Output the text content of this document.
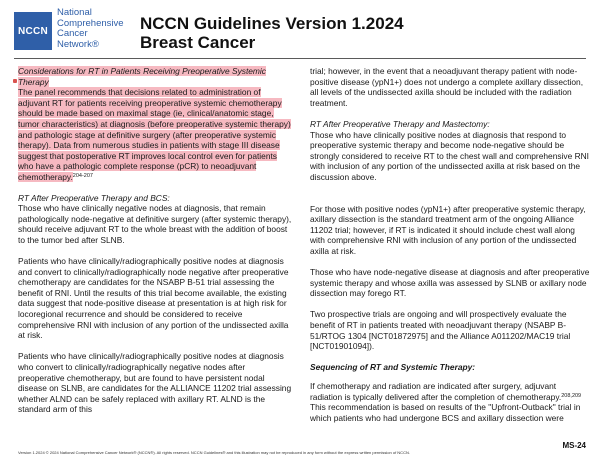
NCCN
National
Comprehensive
Cancer
Network®
NCCN Guidelines Version 1.2024
Breast Cancer

Considerations for RT in Patients Receiving Preoperative Systemic Therapy

The panel recommends that decisions related to administration of adjuvant RT for patients receiving preoperative systemic chemotherapy should be made based on maximal stage (ie, clinical/anatomic stage, tumor characteristics) at diagnosis (before preoperative systemic therapy) and pathologic stage at definitive surgery (after preoperative systemic therapy). Data from numerous studies in patients with stage III disease suggest that postoperative RT improves local control even for patients who have a pathologic complete response (pCR) to neoadjuvant chemotherapy.$^{204-207}$

RT After Preoperative Therapy and BCS:

Those who have clinically negative nodes at diagnosis, that remain pathologically node-negative at definitive surgery (after systemic therapy), should receive adjuvant RT to the whole breast with the addition of boost to the tumor bed after SLNB.

Patients who have clinically/radiographically positive nodes at diagnosis and convert to clinically/radiographically node negative after preoperative chemotherapy are candidates for the NSABP B-51 trial assessing the benefit of RNI. Until the results of this trial become available, the existing data suggest that node-positive disease at presentation is at high risk for locoregional recurrence and should be considered to receive comprehensive RNI with inclusion of any portion of the undissected axilla at risk.

Patients who have clinically/radiographically positive nodes at diagnosis who convert to clinically/radiographically negative nodes after preoperative chemotherapy, but are found to have persistent nodal disease on SLNB, are candidates for the ALLIANCE 11202 trial assessing whether ALND can be safely replaced with axillary RT. ALND is the standard arm of this

trial; however, in the event that a neoadjuvant therapy patient with node-positive disease (ypN1+) does not undergo a complete axillary dissection, all levels of the undissected axilla should be included with the radiation treatment.

RT After Preoperative Therapy and Mastectomy:

Those who have clinically positive nodes at diagnosis that respond to preoperative systemic therapy and become node-negative should be strongly considered to receive RT to the chest wall and comprehensive RNI with inclusion of any portion of the undissected axilla at risk based on the discussion above.

For those with positive nodes (ypN1+) after preoperative systemic therapy, axillary dissection is the standard treatment arm of the ongoing Alliance 11202 trial; however, if RT is indicated it should include chest wall along with comprehensive RNI with inclusion of any portion of the undissected axilla at risk.

Those who have node-negative disease at diagnosis and after preoperative systemic therapy and whose axilla was assessed by SLNB or axillary node dissection may forego RT.

Two prospective trials are ongoing and will prospectively evaluate the benefit of RT in patients treated with neoadjuvant therapy (NSABP B-51/RTOG 1304 [NCT01872975] and the Alliance A011202/MAC19 trial [NCT01901094]).

Sequencing of RT and Systemic Therapy:

If chemotherapy and radiation are indicated after surgery, adjuvant radiation is typically delivered after the completion of chemotherapy.$^{208,209}$ This recommendation is based on results of the "Upfront-Outback" trial in which patients who had undergone BCS and axillary dissection were

Version 1.2024 © 2024 National Comprehensive Cancer Network® (NCCN®). All rights reserved. NCCN Guidelines® and this illustration may not be reproduced in any form without the express written permission of NCCN.
MS-24
